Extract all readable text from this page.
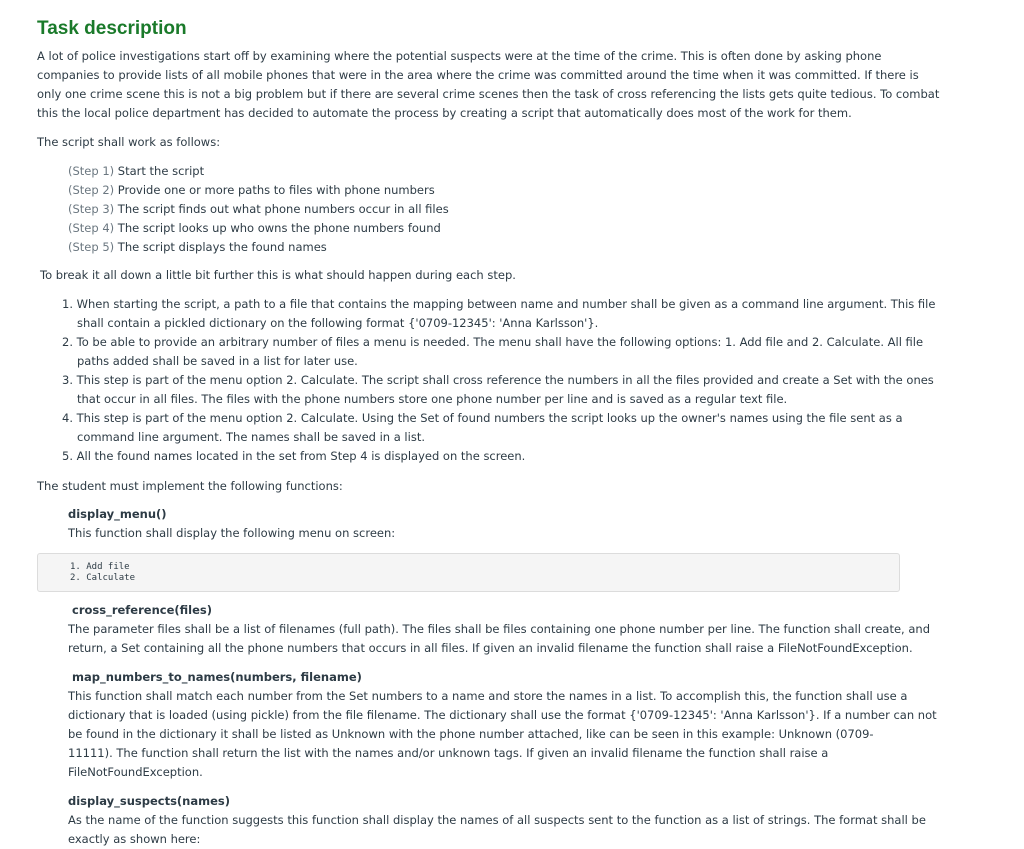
Task description
A lot of police investigations start off by examining where the potential suspects were at the time of the crime. This is often done by asking phone
companies to provide lists of all mobile phones that were in the area where the crime was committed around the time when it was committed. If there is
only one crime scene this is not a big problem but if there are several crime scenes then the task of cross referencing the lists gets quite tedious. To combat
this the local police department has decided to automate the process by creating a script that automatically does most of the work for them.
The script shall work as follows:
(Step 1) Start the script
(Step 2) Provide one or more paths to files with phone numbers
(Step 3) The script finds out what phone numbers occur in all files
(Step 4) The script looks up who owns the phone numbers found
(Step 5) The script displays the found names
To break it all down a little bit further this is what should happen during each step.
1. When starting the script, a path to a file that contains the mapping between name and number shall be given as a command line argument. This file
shall contain a pickled dictionary on the following format {'0709-12345': 'Anna Karlsson'}.
2. To be able to provide an arbitrary number of files a menu is needed. The menu shall have the following options: 1. Add file and 2. Calculate. All file
paths added shall be saved in a list for later use.
3. This step is part of the menu option 2. Calculate. The script shall cross reference the numbers in all the files provided and create a Set with the ones
that occur in all files. The files with the phone numbers store one phone number per line and is saved as a regular text file.
4. This step is part of the menu option 2. Calculate. Using the Set of found numbers the script looks up the owner's names using the file sent as a
command line argument. The names shall be saved in a list.
5. All the found names located in the set from Step 4 is displayed on the screen.
The student must implement the following functions:
display_menu()
This function shall display the following menu on screen:
1. Add file
2. Calculate
cross_reference(files)
The parameter files shall be a list of filenames (full path). The files shall be files containing one phone number per line. The function shall create, and
return, a Set containing all the phone numbers that occurs in all files. If given an invalid filename the function shall raise a FileNotFoundException.
map_numbers_to_names(numbers, filename)
This function shall match each number from the Set numbers to a name and store the names in a list. To accomplish this, the function shall use a
dictionary that is loaded (using pickle) from the file filename. The dictionary shall use the format {'0709-12345': 'Anna Karlsson'}. If a number can not
be found in the dictionary it shall be listed as Unknown with the phone number attached, like can be seen in this example: Unknown (0709-
11111). The function shall return the list with the names and/or unknown tags. If given an invalid filename the function shall raise a
FileNotFoundException.
display_suspects(names)
As the name of the function suggests this function shall display the names of all suspects sent to the function as a list of strings. The format shall be
exactly as shown here:
